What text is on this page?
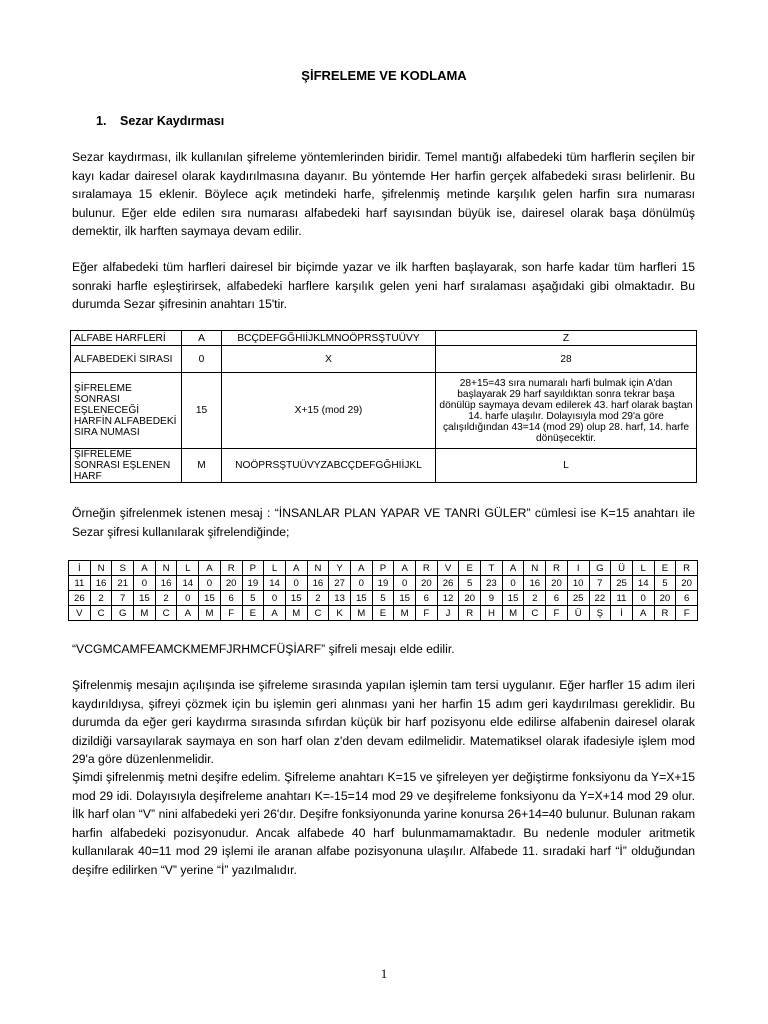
ŞİFRELEME VE KODLAMA
1. Sezar Kaydırması

Sezar kaydırması, ilk kullanılan şifreleme yöntemlerinden biridir. Temel mantığı alfabedeki tüm harflerin seçilen bir kayı kadar dairesel olarak kaydırılmasına dayanır. Bu yöntemde Her harfin gerçek alfabedeki sırası belirlenir. Bu sıralamaya 15 eklenir. Böylece açık metindeki harfe, şifrelenmiş metinde karşılık gelen harfin sıra numarası bulunur. Eğer elde edilen sıra numarası alfabedeki harf sayısından büyük ise, dairesel olarak başa dönülmüş demektir, ilk harften saymaya devam edilir.

Eğer alfabedeki tüm harfleri dairesel bir biçimde yazar ve ilk harften başlayarak, son harfe kadar tüm harfleri 15 sonraki harfle eşleştirirsek, alfabedeki harflere karşılık gelen yeni harf sıralaması aşağıdaki gibi olmaktadır. Bu durumda Sezar şifresinin anahtarı 15'tir.

ALFABE HARFLERİ	A	BCÇDEFGĞHIİJKLMNOÖPRSŞTUÜVY	Z
ALFABEDEKİ SIRASI	0	X	28
ŞİFRELEME SONRASI EŞLENECEĞİ HARFİN ALFABEDEKİ SIRA NUMASI	15	X+15 (mod 29)	28+15=43 sıra numaralı harfi bulmak için A'dan başlayarak 29 harf sayıldıktan sonra tekrar başa dönülüp saymaya devam edilerek 43. harf olarak baştan 14. harfe ulaşılır. Dolayısıyla mod 29'a göre çalışıldığından 43=14 (mod 29) olup 28. harf, 14. harfe dönüşecektir.
ŞİFRELEME SONRASI EŞLENEN HARF	M	NOÖPRSŞTUÜVYZABCÇDEFGĞHIİJKL	L

Örneğin şifrelenmek istenen mesaj : “İNSANLAR PLAN YAPAR VE TANRI GÜLER” cümlesi ise K=15 anahtarı ile Sezar şifresi kullanılarak şifrelendiğinde;

İ	N	S	A	N	L	A	R	P	L	A	N	Y	A	P	A	R	V	E	T	A	N	R	I	G	Ü	L	E	R
11	16	21	0	16	14	0	20	19	14	0	16	27	0	19	0	20	26	5	23	0	16	20	10	7	25	14	5	20
26	2	7	15	2	0	15	6	5	0	15	2	13	15	5	15	6	12	20	9	15	2	6	25	22	11	0	20	6
V	C	G	M	C	A	M	F	E	A	M	C	K	M	E	M	F	J	R	H	M	C	F	Ü	Ş	İ	A	R	F

“VCGMCAMFEAMCKMEMFJRHMCFÜŞİARF” şifreli mesajı elde edilir.

Şifrelenmiş mesajın açılışında ise şifreleme sırasında yapılan işlemin tam tersi uygulanır. Eğer harfler 15 adım ileri kaydırıldıysa, şifreyi çözmek için bu işlemin geri alınması yani her harfin 15 adım geri kaydırılması gereklidir. Bu durumda da eğer geri kaydırma sırasında sıfırdan küçük bir harf pozisyonu elde edilirse alfabenin dairesel olarak dizildiği varsayılarak saymaya en son harf olan z'den devam edilmelidir. Matematiksel olarak ifadesiyle işlem mod 29'a göre düzenlenmelidir.

Şimdi şifrelenmiş metni deşifre edelim. Şifreleme anahtarı K=15 ve şifreleyen yer değiştirme fonksiyonu da Y=X+15 mod 29 idi. Dolayısıyla deşifreleme anahtarı K=-15=14 mod 29 ve deşifreleme fonksiyonu da Y=X+14 mod 29 olur. İlk harf olan “V” nini alfabedeki yeri 26'dır. Deşifre fonksiyonunda yarine konursa 26+14=40 bulunur. Bulunan rakam harfin alfabedeki pozisyonudur. Ancak alfabede 40 harf bulunmamamaktadır. Bu nedenle moduler aritmetik kullanılarak 40=11 mod 29 işlemi ile aranan alfabe pozisyonuna ulaşılır. Alfabede 11. sıradaki harf “İ” olduğundan deşifre edilirken “V” yerine “İ” yazılmalıdır.

1
